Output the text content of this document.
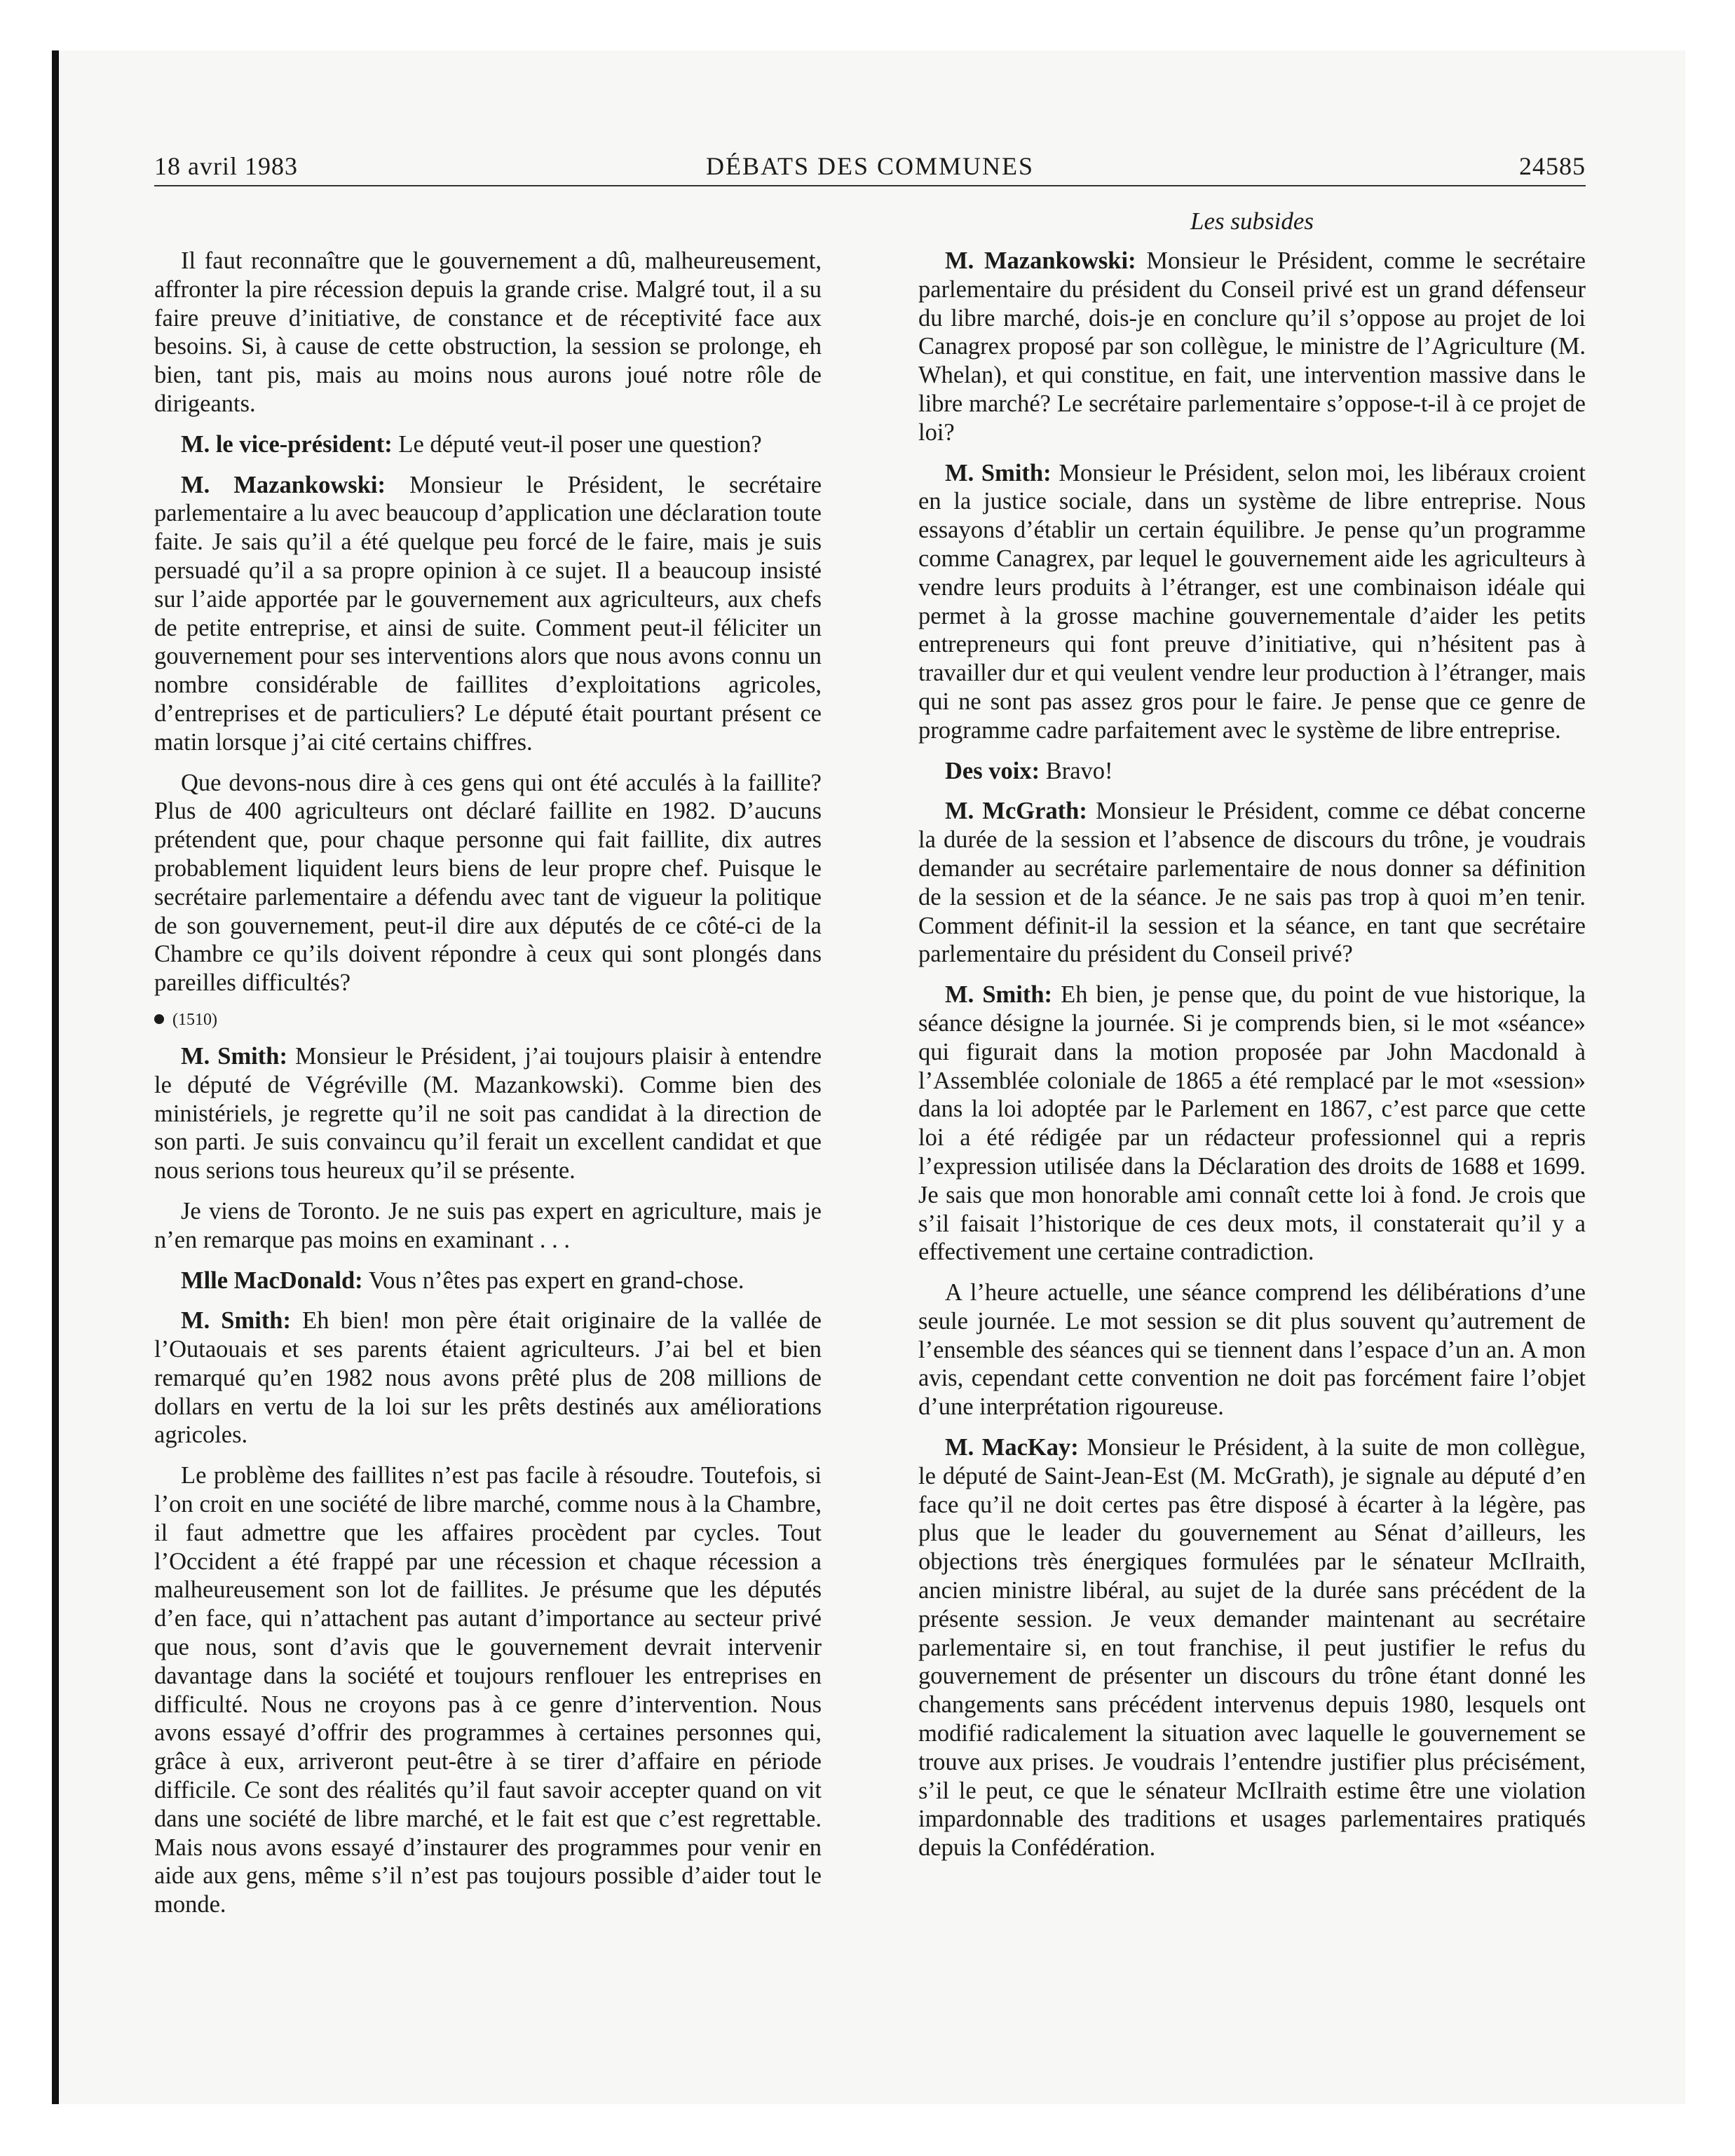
DÉBATS DES COMMUNES
18 avril 1983	24585
Les subsides

Il faut reconnaître que le gouvernement a dû, malheureusement, affronter la pire récession depuis la grande crise. Malgré tout, il a su faire preuve d’initiative, de constance et de réceptivité face aux besoins. Si, à cause de cette obstruction, la session se prolonge, eh bien, tant pis, mais au moins nous aurons joué notre rôle de dirigeants.

M. le vice-président: Le député veut-il poser une question?

M. Mazankowski: Monsieur le Président, le secrétaire parlementaire a lu avec beaucoup d’application une déclaration toute faite. Je sais qu’il a été quelque peu forcé de le faire, mais je suis persuadé qu’il a sa propre opinion à ce sujet. Il a beaucoup insisté sur l’aide apportée par le gouvernement aux agriculteurs, aux chefs de petite entreprise, et ainsi de suite. Comment peut-il féliciter un gouvernement pour ses interventions alors que nous avons connu un nombre considérable de faillites d’exploitations agricoles, d’entreprises et de particuliers? Le député était pourtant présent ce matin lorsque j’ai cité certains chiffres.

Que devons-nous dire à ces gens qui ont été acculés à la faillite? Plus de 400 agriculteurs ont déclaré faillite en 1982. D’aucuns prétendent que, pour chaque personne qui fait faillite, dix autres probablement liquident leurs biens de leur propre chef. Puisque le secrétaire parlementaire a défendu avec tant de vigueur la politique de son gouvernement, peut-il dire aux députés de ce côté-ci de la Chambre ce qu’ils doivent répondre à ceux qui sont plongés dans pareilles difficultés?

(1510)

M. Smith: Monsieur le Président, j’ai toujours plaisir à entendre le député de Végréville (M. Mazankowski). Comme bien des ministériels, je regrette qu’il ne soit pas candidat à la direction de son parti. Je suis convaincu qu’il ferait un excellent candidat et que nous serions tous heureux qu’il se présente.

Je viens de Toronto. Je ne suis pas expert en agriculture, mais je n’en remarque pas moins en examinant . . .

Mlle MacDonald: Vous n’êtes pas expert en grand-chose.

M. Smith: Eh bien! mon père était originaire de la vallée de l’Outaouais et ses parents étaient agriculteurs. J’ai bel et bien remarqué qu’en 1982 nous avons prêté plus de 208 millions de dollars en vertu de la loi sur les prêts destinés aux améliorations agricoles.

Le problème des faillites n’est pas facile à résoudre. Toutefois, si l’on croit en une société de libre marché, comme nous à la Chambre, il faut admettre que les affaires procèdent par cycles. Tout l’Occident a été frappé par une récession et chaque récession a malheureusement son lot de faillites. Je présume que les députés d’en face, qui n’attachent pas autant d’importance au secteur privé que nous, sont d’avis que le gouvernement devrait intervenir davantage dans la société et toujours renflouer les entreprises en difficulté. Nous ne croyons pas à ce genre d’intervention. Nous avons essayé d’offrir des programmes à certaines personnes qui, grâce à eux, arriveront peut-être à se tirer d’affaire en période difficile. Ce sont des réalités qu’il faut savoir accepter quand on vit dans une société de libre marché, et le fait est que c’est regrettable. Mais nous avons essayé d’instaurer des programmes pour venir en aide aux gens, même s’il n’est pas toujours possible d’aider tout le monde.

M. Mazankowski: Monsieur le Président, comme le secrétaire parlementaire du président du Conseil privé est un grand défenseur du libre marché, dois-je en conclure qu’il s’oppose au projet de loi Canagrex proposé par son collègue, le ministre de l’Agriculture (M. Whelan), et qui constitue, en fait, une intervention massive dans le libre marché? Le secrétaire parlementaire s’oppose-t-il à ce projet de loi?

M. Smith: Monsieur le Président, selon moi, les libéraux croient en la justice sociale, dans un système de libre entreprise. Nous essayons d’établir un certain équilibre. Je pense qu’un programme comme Canagrex, par lequel le gouvernement aide les agriculteurs à vendre leurs produits à l’étranger, est une combinaison idéale qui permet à la grosse machine gouvernementale d’aider les petits entrepreneurs qui font preuve d’initiative, qui n’hésitent pas à travailler dur et qui veulent vendre leur production à l’étranger, mais qui ne sont pas assez gros pour le faire. Je pense que ce genre de programme cadre parfaitement avec le système de libre entreprise.

Des voix: Bravo!

M. McGrath: Monsieur le Président, comme ce débat concerne la durée de la session et l’absence de discours du trône, je voudrais demander au secrétaire parlementaire de nous donner sa définition de la session et de la séance. Je ne sais pas trop à quoi m’en tenir. Comment définit-il la session et la séance, en tant que secrétaire parlementaire du président du Conseil privé?

M. Smith: Eh bien, je pense que, du point de vue historique, la séance désigne la journée. Si je comprends bien, si le mot «séance» qui figurait dans la motion proposée par John Macdonald à l’Assemblée coloniale de 1865 a été remplacé par le mot «session» dans la loi adoptée par le Parlement en 1867, c’est parce que cette loi a été rédigée par un rédacteur professionnel qui a repris l’expression utilisée dans la Déclaration des droits de 1688 et 1699. Je sais que mon honorable ami connaît cette loi à fond. Je crois que s’il faisait l’historique de ces deux mots, il constaterait qu’il y a effectivement une certaine contradiction.

A l’heure actuelle, une séance comprend les délibérations d’une seule journée. Le mot session se dit plus souvent qu’autrement de l’ensemble des séances qui se tiennent dans l’espace d’un an. A mon avis, cependant cette convention ne doit pas forcément faire l’objet d’une interprétation rigoureuse.

M. MacKay: Monsieur le Président, à la suite de mon collègue, le député de Saint-Jean-Est (M. McGrath), je signale au député d’en face qu’il ne doit certes pas être disposé à écarter à la légère, pas plus que le leader du gouvernement au Sénat d’ailleurs, les objections très énergiques formulées par le sénateur McIlraith, ancien ministre libéral, au sujet de la durée sans précédent de la présente session. Je veux demander maintenant au secrétaire parlementaire si, en tout franchise, il peut justifier le refus du gouvernement de présenter un discours du trône étant donné les changements sans précédent intervenus depuis 1980, lesquels ont modifié radicalement la situation avec laquelle le gouvernement se trouve aux prises. Je voudrais l’entendre justifier plus précisément, s’il le peut, ce que le sénateur McIlraith estime être une violation impardonnable des traditions et usages parlementaires pratiqués depuis la Confédération.
